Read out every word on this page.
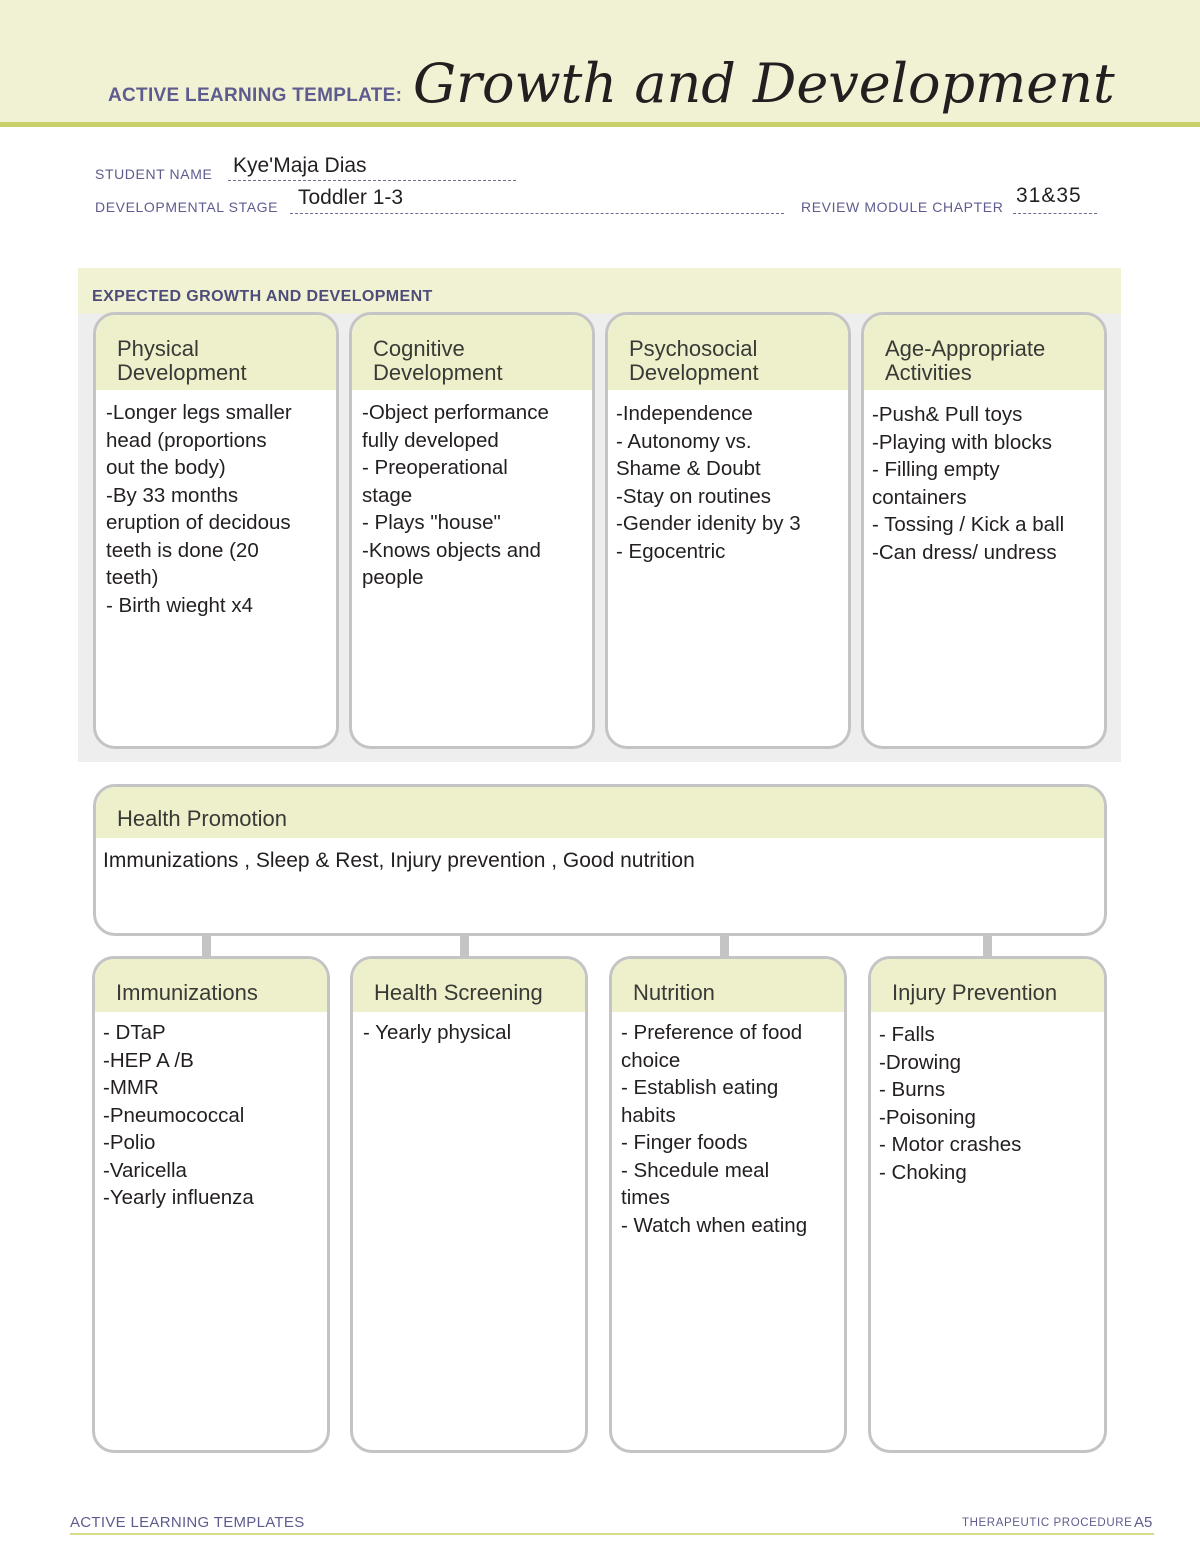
ACTIVE LEARNING TEMPLATE: Growth and Development
STUDENT NAME Kye'Maja Dias
DEVELOPMENTAL STAGE Toddler 1-3	REVIEW MODULE CHAPTER 31&35
EXPECTED GROWTH AND DEVELOPMENT
Physical
Development
-Longer legs smaller
head (proportions
out the body)
-By 33 months
eruption of decidous
teeth is done (20
teeth)
- Birth wieght x4
Cognitive
Development
-Object performance
fully developed
- Preoperational
stage
- Plays "house"
-Knows objects and
people
Psychosocial
Development
-Independence
- Autonomy vs.
Shame & Doubt
-Stay on routines
-Gender idenity by 3
- Egocentric
Age-Appropriate
Activities
-Push& Pull toys
-Playing with blocks
- Filling empty
containers
- Tossing / Kick a ball
-Can dress/ undress
Health Promotion
Immunizations , Sleep & Rest, Injury prevention , Good nutrition
Immunizations
- DTaP
-HEP A /B
-MMR
-Pneumococcal
-Polio
-Varicella
-Yearly influenza
Health Screening
- Yearly physical
Nutrition
- Preference of food
choice
- Establish eating
habits
- Finger foods
- Shcedule meal
times
- Watch when eating
Injury Prevention
- Falls
-Drowing
- Burns
-Poisoning
- Motor crashes
- Choking
ACTIVE LEARNING TEMPLATES	THERAPEUTIC PROCEDURE A5
